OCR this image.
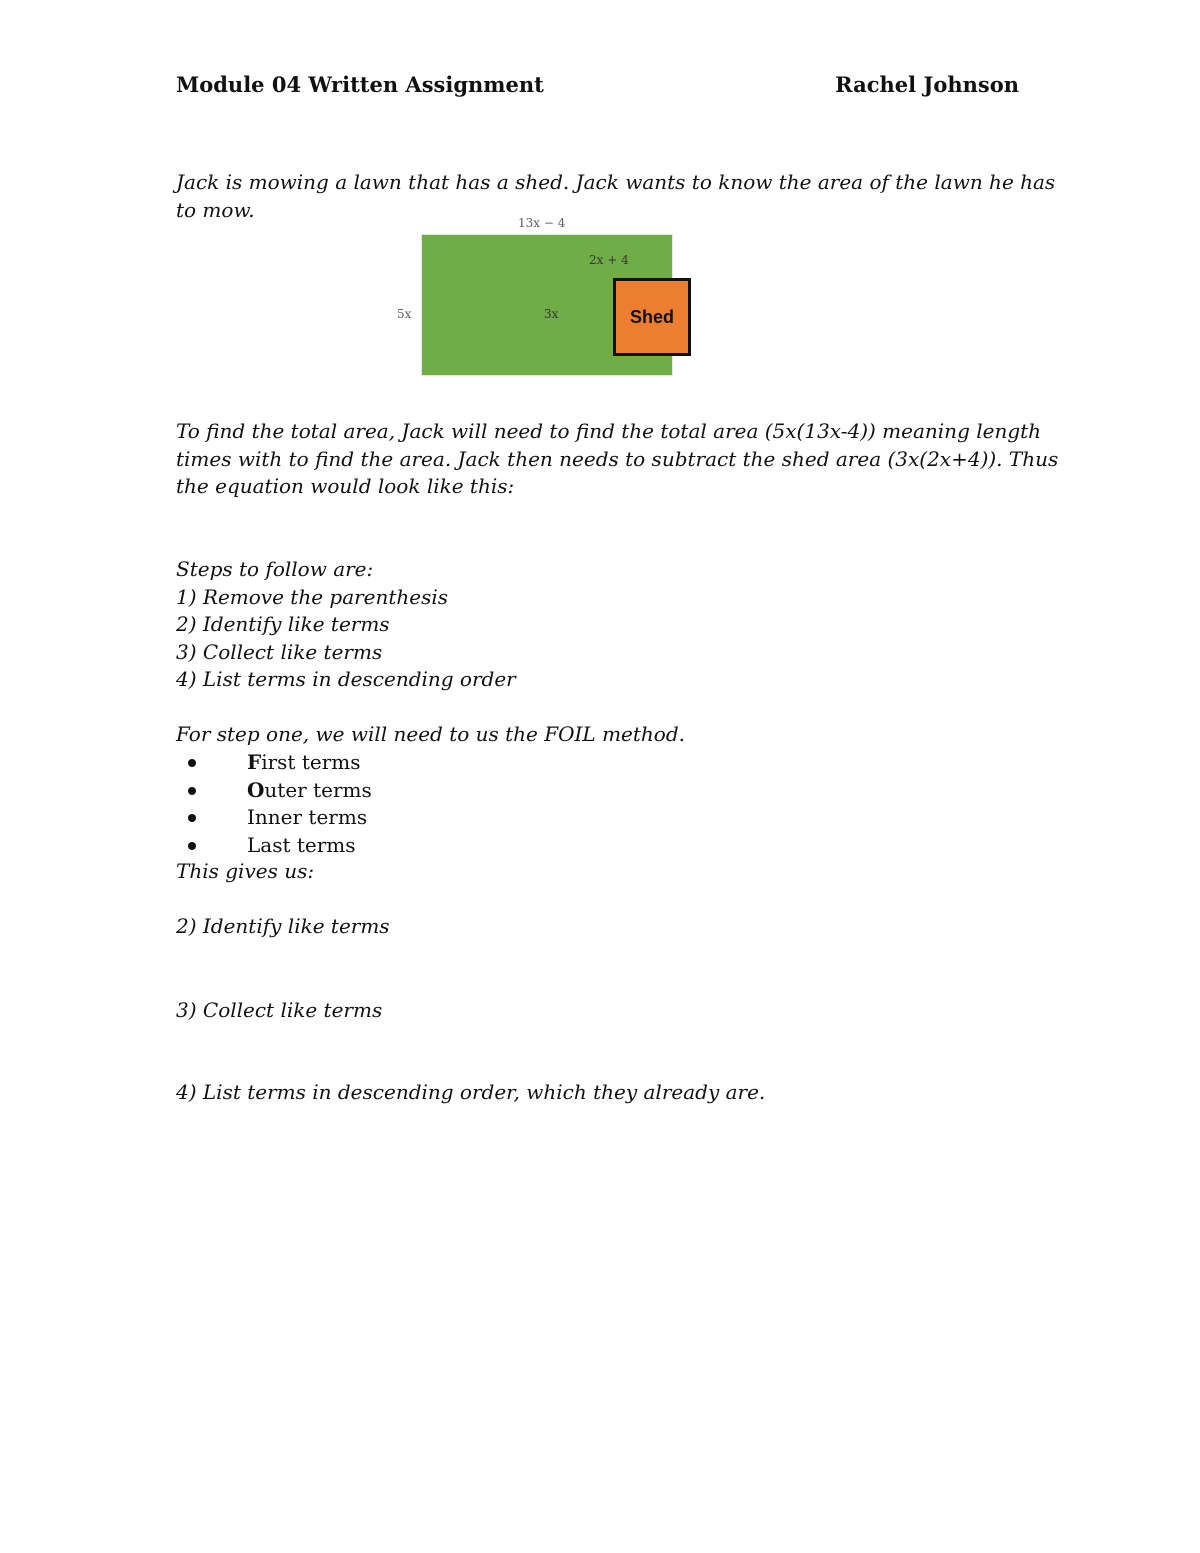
Module 04 Written Assignment	Rachel Johnson

Jack is mowing a lawn that has a shed. Jack wants to know the area of the lawn he has
to mow.

13x − 4
5x
2x + 4
3x	Shed

To find the total area, Jack will need to find the total area (5x(13x-4)) meaning length
times with to find the area. Jack then needs to subtract the shed area (3x(2x+4)). Thus
the equation would look like this:

Steps to follow are:
1) Remove the parenthesis
2) Identify like terms
3) Collect like terms
4) List terms in descending order

For step one, we will need to us the FOIL method.

First terms
Outer terms
Inner terms
Last terms

This gives us:

2) Identify like terms

3) Collect like terms

4) List terms in descending order, which they already are.
